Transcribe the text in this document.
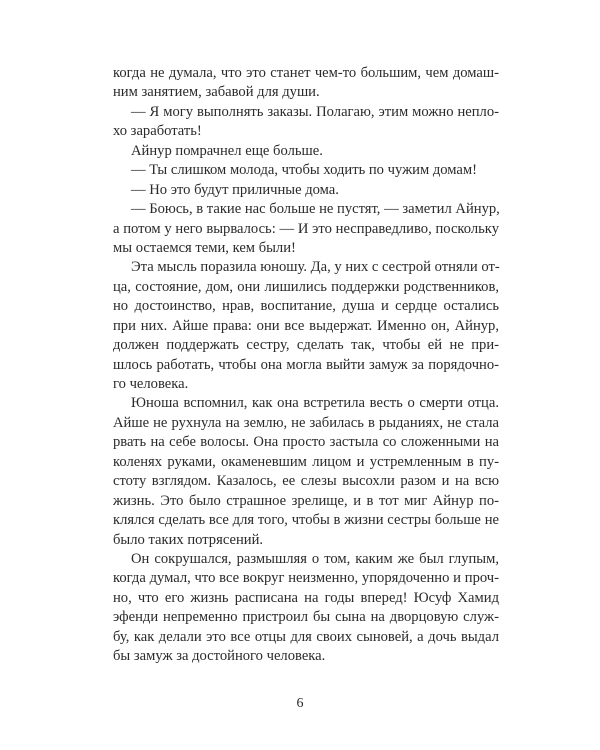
когда не думала, что это станет чем-то большим, чем домаш-
ним занятием, забавой для души.
— Я могу выполнять заказы. Полагаю, этим можно непло-
хо заработать!
Айнур помрачнел еще больше.
— Ты слишком молода, чтобы ходить по чужим домам!
— Но это будут приличные дома.
— Боюсь, в такие нас больше не пустят, — заметил Айнур,
а потом у него вырвалось: — И это несправедливо, поскольку
мы остаемся теми, кем были!
Эта мысль поразила юношу. Да, у них с сестрой отняли от-
ца, состояние, дом, они лишились поддержки родственников,
но достоинство, нрав, воспитание, душа и сердце остались
при них. Айше права: они все выдержат. Именно он, Айнур,
должен поддержать сестру, сделать так, чтобы ей не при-
шлось работать, чтобы она могла выйти замуж за порядочно-
го человека.
Юноша вспомнил, как она встретила весть о смерти отца.
Айше не рухнула на землю, не забилась в рыданиях, не стала
рвать на себе волосы. Она просто застыла со сложенными на
коленях руками, окаменевшим лицом и устремленным в пу-
стоту взглядом. Казалось, ее слезы высохли разом и на всю
жизнь. Это было страшное зрелище, и в тот миг Айнур по-
клялся сделать все для того, чтобы в жизни сестры больше не
было таких потрясений.
Он сокрушался, размышляя о том, каким же был глупым,
когда думал, что все вокруг неизменно, упорядоченно и проч-
но, что его жизнь расписана на годы вперед! Юсуф Хамид
эфенди непременно пристроил бы сына на дворцовую служ-
бу, как делали это все отцы для своих сыновей, а дочь выдал
бы замуж за достойного человека.
6
